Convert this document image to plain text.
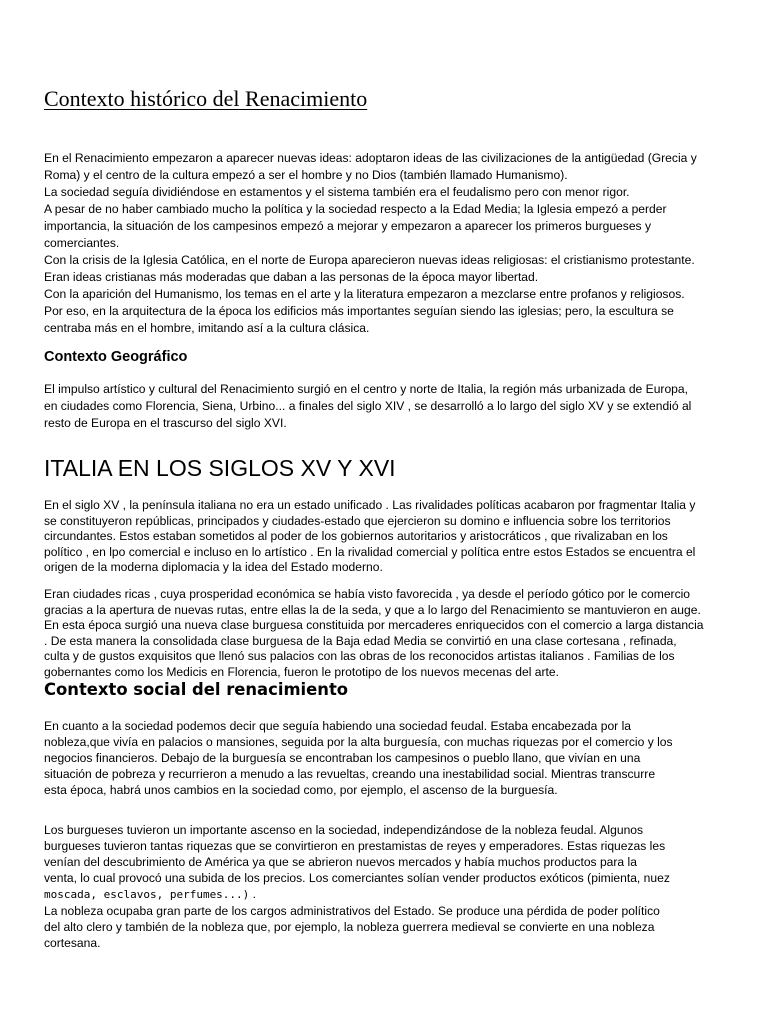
Contexto histórico del Renacimiento

En el Renacimiento empezaron a aparecer nuevas ideas: adoptaron ideas de las civilizaciones de la antigüedad (Grecia y
Roma) y el centro de la cultura empezó a ser el hombre y no Dios (también llamado Humanismo).
La sociedad seguía dividiéndose en estamentos y el sistema también era el feudalismo pero con menor rigor.
A pesar de no haber cambiado mucho la política y la sociedad respecto a la Edad Media; la Iglesia empezó a perder
importancia, la situación de los campesinos empezó a mejorar y empezaron a aparecer los primeros burgueses y
comerciantes.
Con la crisis de la Iglesia Católica, en el norte de Europa aparecieron nuevas ideas religiosas: el cristianismo protestante.
Eran ideas cristianas más moderadas que daban a las personas de la época mayor libertad.
Con la aparición del Humanismo, los temas en el arte y la literatura empezaron a mezclarse entre profanos y religiosos.
Por eso, en la arquitectura de la época los edificios más importantes seguían siendo las iglesias; pero, la escultura se
centraba más en el hombre, imitando así a la cultura clásica.

Contexto Geográfico

El impulso artístico y cultural del Renacimiento surgió en el centro y norte de Italia, la región más urbanizada de Europa,
en ciudades como Florencia, Siena, Urbino... a finales del siglo XIV , se desarrolló a lo largo del siglo XV y se extendió al
resto de Europa en el trascurso del siglo XVI.

ITALIA EN LOS SIGLOS XV Y XVI

En el siglo XV , la península italiana no era un estado unificado . Las rivalidades políticas acabaron por fragmentar Italia y
se constituyeron repúblicas, principados y ciudades-estado que ejercieron su domino e influencia sobre los territorios
circundantes. Estos estaban sometidos al poder de los gobiernos autoritarios y aristocráticos , que rivalizaban en los
político , en lpo comercial e incluso en lo artístico . En la rivalidad comercial y política entre estos Estados se encuentra el
origen de la moderna diplomacia y la idea del Estado moderno.

Eran ciudades ricas , cuya prosperidad económica se había visto favorecida , ya desde el período gótico por le comercio
gracias a la apertura de nuevas rutas, entre ellas la de la seda, y que a lo largo del Renacimiento se mantuvieron en auge.
En esta época surgió una nueva clase burguesa constituida por mercaderes enriquecidos con el comercio a larga distancia
. De esta manera la consolidada clase burguesa de la Baja edad Media se convirtió en una clase cortesana , refinada,
culta y de gustos exquisitos que llenó sus palacios con las obras de los reconocidos artistas italianos . Familias de los
gobernantes como los Medicis en Florencia, fueron le prototipo de los nuevos mecenas del arte.

Contexto social del renacimiento

En cuanto a la sociedad podemos decir que seguía habiendo una sociedad feudal. Estaba encabezada por la
nobleza,que vivía en palacios o mansiones, seguida por la alta burguesía, con muchas riquezas por el comercio y los
negocios financieros. Debajo de la burguesía se encontraban los campesinos o pueblo llano, que vivían en una
situación de pobreza y recurrieron a menudo a las revueltas, creando una inestabilidad social. Mientras transcurre
esta época, habrá unos cambios en la sociedad como, por ejemplo, el ascenso de la burguesía.

Los burgueses tuvieron un importante ascenso en la sociedad, independizándose de la nobleza feudal. Algunos
burgueses tuvieron tantas riquezas que se convirtieron en prestamistas de reyes y emperadores. Estas riquezas les
venían del descubrimiento de América ya que se abrieron nuevos mercados y había muchos productos para la
venta, lo cual provocó una subida de los precios. Los comerciantes solían vender productos exóticos (pimienta, nuez
moscada, esclavos, perfumes...) .
La nobleza ocupaba gran parte de los cargos administrativos del Estado. Se produce una pérdida de poder político
del alto clero y también de la nobleza que, por ejemplo, la nobleza guerrera medieval se convierte en una nobleza
cortesana.
